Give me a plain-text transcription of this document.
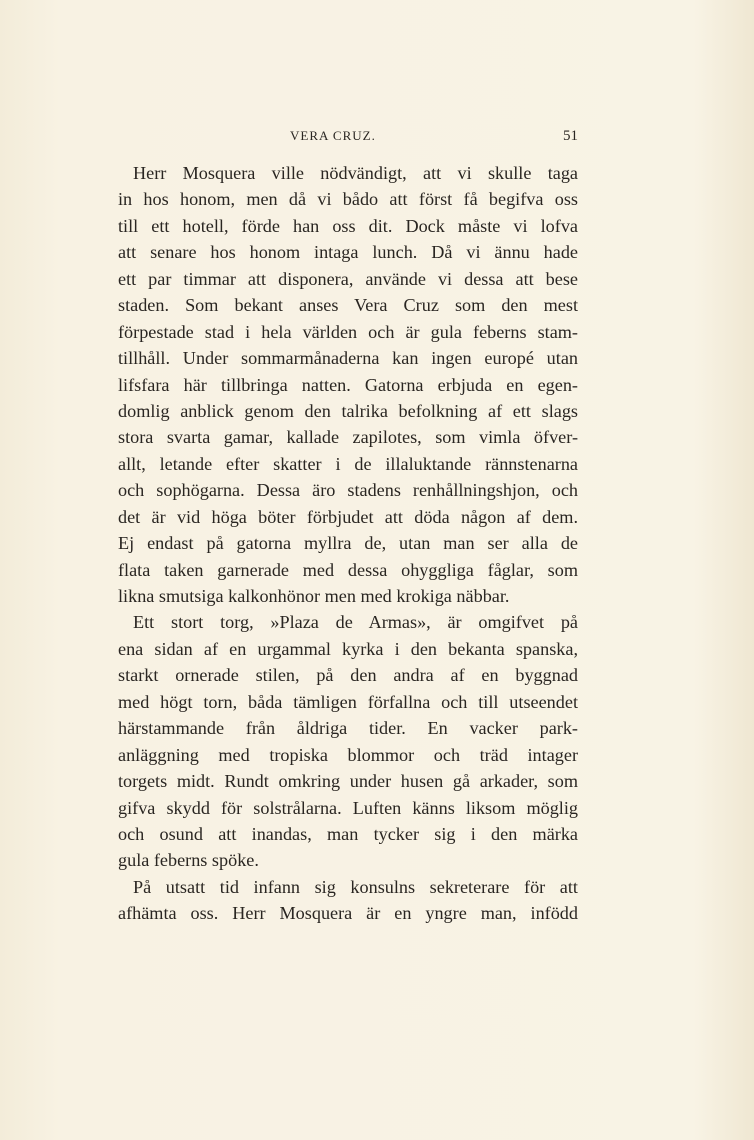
VERA CRUZ.	51
Herr Mosquera ville nödvändigt, att vi skulle taga
in hos honom, men då vi bådo att först få begifva oss
till ett hotell, förde han oss dit. Dock måste vi lofva
att senare hos honom intaga lunch. Då vi ännu hade
ett par timmar att disponera, använde vi dessa att bese
staden. Som bekant anses Vera Cruz som den mest
förpestade stad i hela världen och är gula feberns stam-
tillhåll. Under sommarmånaderna kan ingen europé utan
lifsfara här tillbringa natten. Gatorna erbjuda en egen-
domlig anblick genom den talrika befolkning af ett slags
stora svarta gamar, kallade zapilotes, som vimla öfver-
allt, letande efter skatter i de illaluktande rännstenarna
och sophögarna. Dessa äro stadens renhållningshjon, och
det är vid höga böter förbjudet att döda någon af dem.
Ej endast på gatorna myllra de, utan man ser alla de
flata taken garnerade med dessa ohyggliga fåglar, som
likna smutsiga kalkonhönor men med krokiga näbbar.
Ett stort torg, »Plaza de Armas», är omgifvet på
ena sidan af en urgammal kyrka i den bekanta spanska,
starkt ornerade stilen, på den andra af en byggnad
med högt torn, båda tämligen förfallna och till utseendet
härstammande från åldriga tider. En vacker park-
anläggning med tropiska blommor och träd intager
torgets midt. Rundt omkring under husen gå arkader, som
gifva skydd för solstrålarna. Luften känns liksom möglig
och osund att inandas, man tycker sig i den märka
gula feberns spöke.
På utsatt tid infann sig konsulns sekreterare för att
afhämta oss. Herr Mosquera är en yngre man, infödd
